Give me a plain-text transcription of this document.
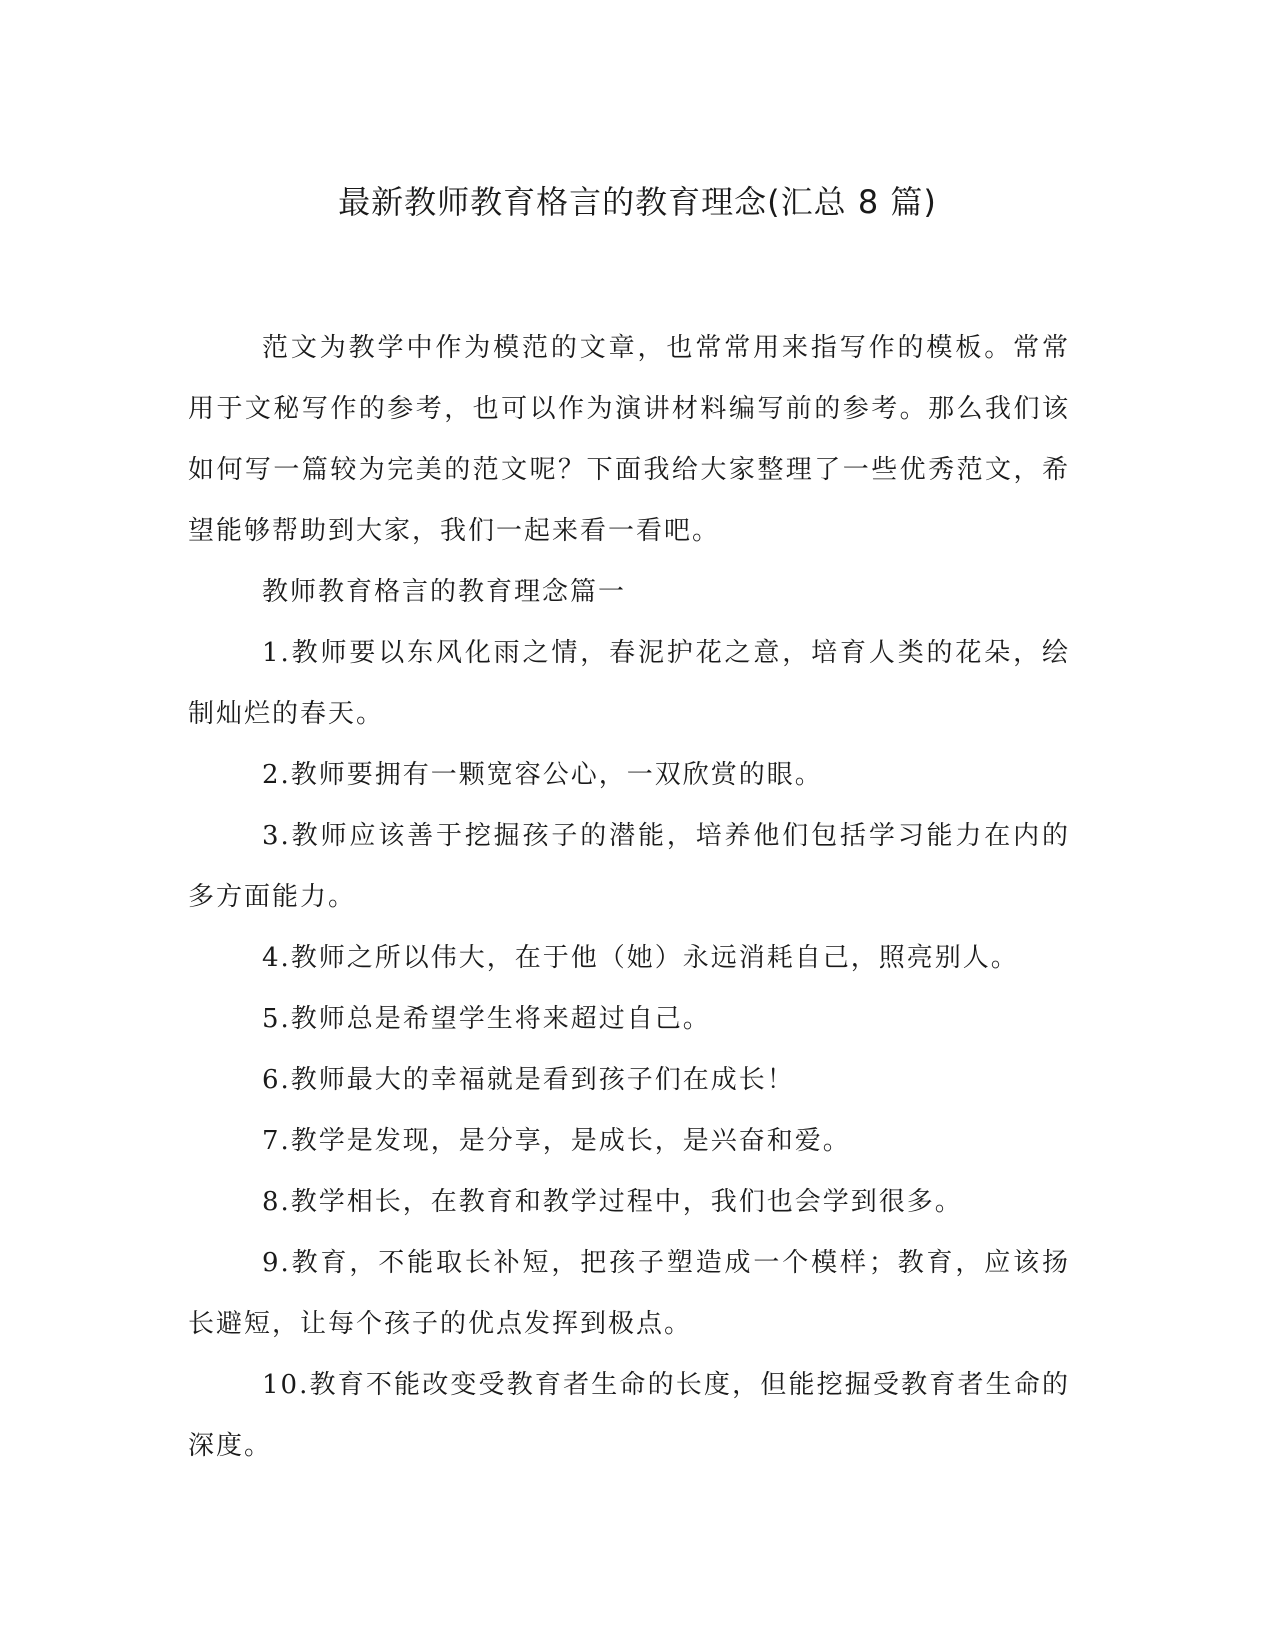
最新教师教育格言的教育理念(汇总 8 篇)

范文为教学中作为模范的文章，也常常用来指写作的模板。常常用于文秘写作的参考，也可以作为演讲材料编写前的参考。那么我们该如何写一篇较为完美的范文呢？下面我给大家整理了一些优秀范文，希望能够帮助到大家，我们一起来看一看吧。

教师教育格言的教育理念篇一

1.教师要以东风化雨之情，春泥护花之意，培育人类的花朵，绘制灿烂的春天。

2.教师要拥有一颗宽容公心，一双欣赏的眼。

3.教师应该善于挖掘孩子的潜能，培养他们包括学习能力在内的多方面能力。

4.教师之所以伟大，在于他（她）永远消耗自己，照亮别人。

5.教师总是希望学生将来超过自己。

6.教师最大的幸福就是看到孩子们在成长！

7.教学是发现，是分享，是成长，是兴奋和爱。

8.教学相长，在教育和教学过程中，我们也会学到很多。

9.教育，不能取长补短，把孩子塑造成一个模样；教育，应该扬长避短，让每个孩子的优点发挥到极点。

10.教育不能改变受教育者生命的长度，但能挖掘受教育者生命的深度。
